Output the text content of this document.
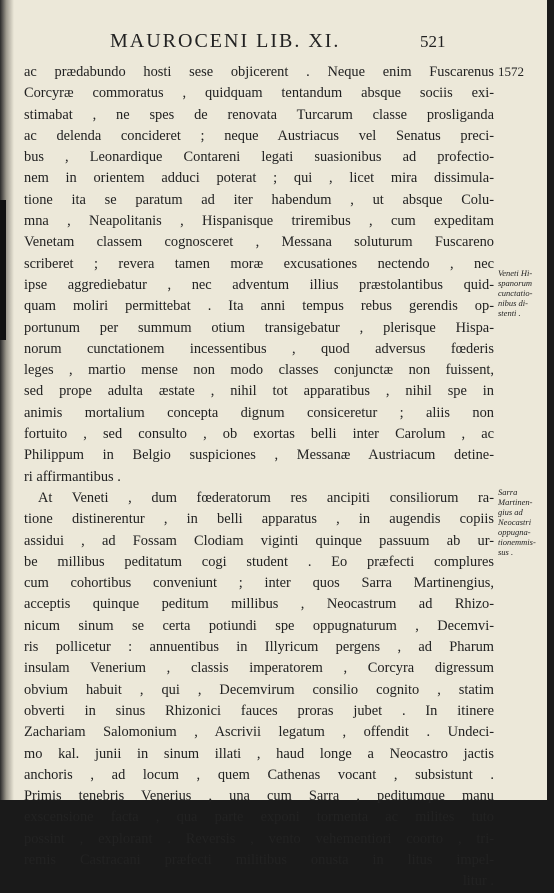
MAUROCENI LIB. XI.	521
1572
Veneti Hi-
spanorum
cunctatio-
nibus di-
stenti .
Sarra
Martinen-
gius ad
Neocastri
oppugna-
tionemmis-
sus .
ac prædabundo hosti sese objicerent . Neque enim Fuscarenus
Corcyræ commoratus , quidquam tentandum absque sociis exi-
stimabat , ne spes de renovata Turcarum classe prosliganda
ac delenda concideret ; neque Austriacus vel Senatus preci-
bus , Leonardique Contareni legati suasionibus ad profectio-
nem in orientem adduci poterat ; qui , licet mira dissimula-
tione ita se paratum ad iter habendum , ut absque Colu-
mna , Neapolitanis , Hispanisque triremibus , cum expeditam
Venetam classem cognosceret , Messana soluturum Fuscareno
scriberet ; revera tamen moræ excusationes nectendo , nec
ipse aggrediebatur , nec adventum illius præstolantibus quid-
quam moliri permittebat . Ita anni tempus rebus gerendis op-
portunum per summum otium transigebatur , plerisque Hispa-
norum cunctationem incessentibus , quod adversus fœderis
leges , martio mense non modo classes conjunctæ non fuissent,
sed prope adulta æstate , nihil tot apparatibus , nihil spe in
animis mortalium concepta dignum consiceretur ; aliis non
fortuito , sed consulto , ob exortas belli inter Carolum , ac
Philippum in Belgio suspiciones , Messanæ Austriacum detine-
ri affirmantibus .
At Veneti , dum fœderatorum res ancipiti consiliorum ra-
tione distinerentur , in belli apparatus , in augendis copiis
assidui , ad Fossam Clodiam viginti quinque passuum ab ur-
be millibus peditatum cogi student . Eo præfecti complures
cum cohortibus conveniunt ; inter quos Sarra Martinengius,
acceptis quinque peditum millibus , Neocastrum ad Rhizo-
nicum sinum se certa potiundi spe oppugnaturum , Decemvi-
ris pollicetur : annuentibus in Illyricum pergens , ad Pharum
insulam Venerium , classis imperatorem , Corcyra digressum
obvium habuit , qui , Decemvirum consilio cognito , statim
obverti in sinus Rhizonici fauces proras jubet . In itinere
Zachariam Salomonium , Ascrivii legatum , offendit . Undeci-
mo kal. junii in sinum illati , haud longe a Neocastro jactis
anchoris , ad locum , quem Cathenas vocant , subsistunt .
Primis tenebris Venerius , una cum Sarra , peditumque manu
exscensione facta , qua parte exponi tormenta ac milites tuto
possint , explorant . Reversis , vento vehementiori coorto , tri-
remis Castracani præfecti militibus onusta in litus impel-
litur .
